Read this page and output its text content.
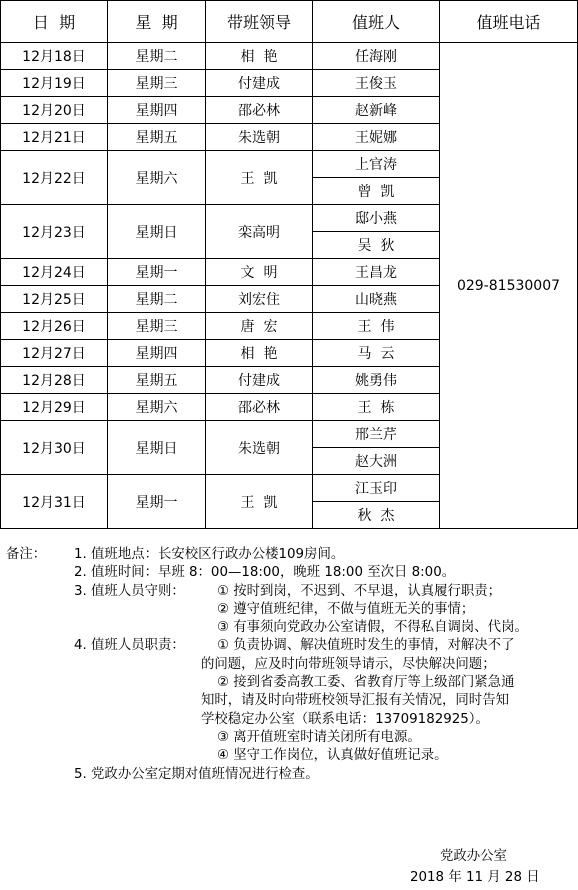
日  期	星  期	带班领导	值班人	值班电话
12月18日	星期二	相  艳	任海刚	029-81530007
12月19日	星期三	付建成	王俊玉	
12月20日	星期四	邵必林	赵新峰	
12月21日	星期五	朱选朝	王妮娜	
12月22日	星期六	王  凯	上官涛	
			曾  凯	
12月23日	星期日	栾高明	邸小燕	
			吴  狄	
12月24日	星期一	文  明	王昌龙	
12月25日	星期二	刘宏住	山晓燕	
12月26日	星期三	唐  宏	王  伟	
12月27日	星期四	相  艳	马  云	
12月28日	星期五	付建成	姚勇伟	
12月29日	星期六	邵必林	王  栋	
12月30日	星期日	朱选朝	邢兰芹	
			赵大洲	
12月31日	星期一	王  凯	江玉印	
			秋  杰	
备注： 1. 值班地点：长安校区行政办公楼109房间。
2. 值班时间：早班 8：00—18:00，晚班 18:00 至次日 8:00。
3. 值班人员守则： ① 按时到岗，不迟到、不早退，认真履行职责；
② 遵守值班纪律，不做与值班无关的事情；
③ 有事须向党政办公室请假，不得私自调岗、代岗。
4. 值班人员职责： ① 负责协调、解决值班时发生的事情，对解决不了
的问题，应及时向带班领导请示，尽快解决问题；
② 接到省委高教工委、省教育厅等上级部门紧急通
知时，请及时向带班校领导汇报有关情况，同时告知
学校稳定办公室（联系电话：13709182925）。
③ 离开值班室时请关闭所有电源。
④ 坚守工作岗位，认真做好值班记录。
5. 党政办公室定期对值班情况进行检查。
党政办公室
2018 年 11 月 28 日
